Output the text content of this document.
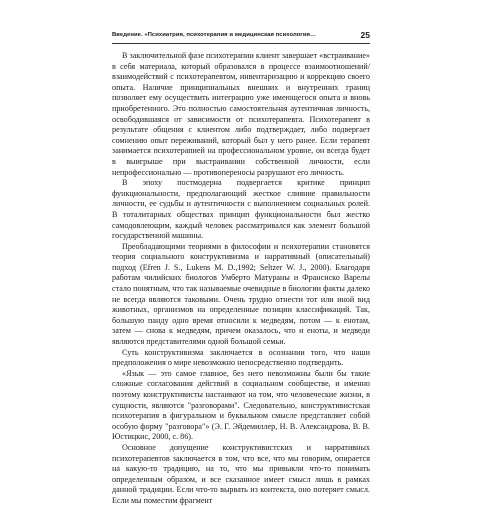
Введение. «Психиатрия, психотерапия и медицинская психология…	25

В заключительной фазе психотерапии клиент завершает «встраивание» в себя материала, который образовался в процессе взаимоотношений/взаимодействий с психотерапевтом, инвентаризацию и коррекцию своего опыта. Наличие принципиальных внешних и внутренних границ позволяет ему осуществить интеграцию уже имеющегося опыта и вновь приобретенного. Это полностью самостоятельная аутентичная личность, освободившаяся от зависимости от психотерапевта. Психотерапевт в результате общения с клиентом либо подтверждает, либо подвергает сомнению опыт переживаний, который был у него ранее. Если терапевт занимается психотерапией на профессиональном уровне, он всегда будет в выигрыше при выстраивании собственной личности, если непрофессионально — противопереносы разрушают его личность.

В эпоху постмодерна подвергается критике принцип функциональности, предполагающий жесткое слияние правильности личности, ее судьбы и аутентичности с выполнением социальных ролей. В тоталитарных обществах принцип функциональности был жестко самодовлеющим, каждый человек рассматривался как элемент большой государственной машины.

Преобладающими теориями в философии и психотерапии становятся теория социального конструктивизма и нарративный (описательный) подход (Efren J. S., Lukens M. D.,1992; Seltzer W. J., 2000). Благодаря работам чилийских биологов Умберто Матураны и Франсиско Варелы стало понятным, что так называемые очевидные в биологии факты далеко не всегда являются таковыми. Очень трудно отнести тот или иной вид животных, организмов на определенные позиции классификаций. Так, большую панду одно время относили к медведям, потом — к енотам, затем — снова к медведям, причем оказалось, что и еноты, и медведи являются представителями одной большой семьи.

Суть конструктивизма заключается в осознании того, что наши предположения о мире невозможно непосредственно подтвердить.

«Язык — это самое главное, без него невозможны были бы такие сложные согласования действий в социальном сообществе, и именно поэтому конструктивисты настаивают на том, что человеческие жизни, в сущности, являются "разговорами". Следовательно, конструктивистская психотерапия в фигуральном и буквальном смысле представляет собой особую форму "разговора"» (Э. Г. Эйдемиллер, Н. В. Александрова, В. В. Юстицкис, 2000, с. 86).

Основное допущение конструктивистских и нарративных психотерапевтов заключается в том, что все, что мы говорим, опирается на какую-то традицию, на то, что мы привыкли что-то понимать определенным образом, и все сказанное имеет смысл лишь в рамках данной традиции. Если что-то вырвать из контекста, оно потеряет смысл. Если мы поместим фрагмент
